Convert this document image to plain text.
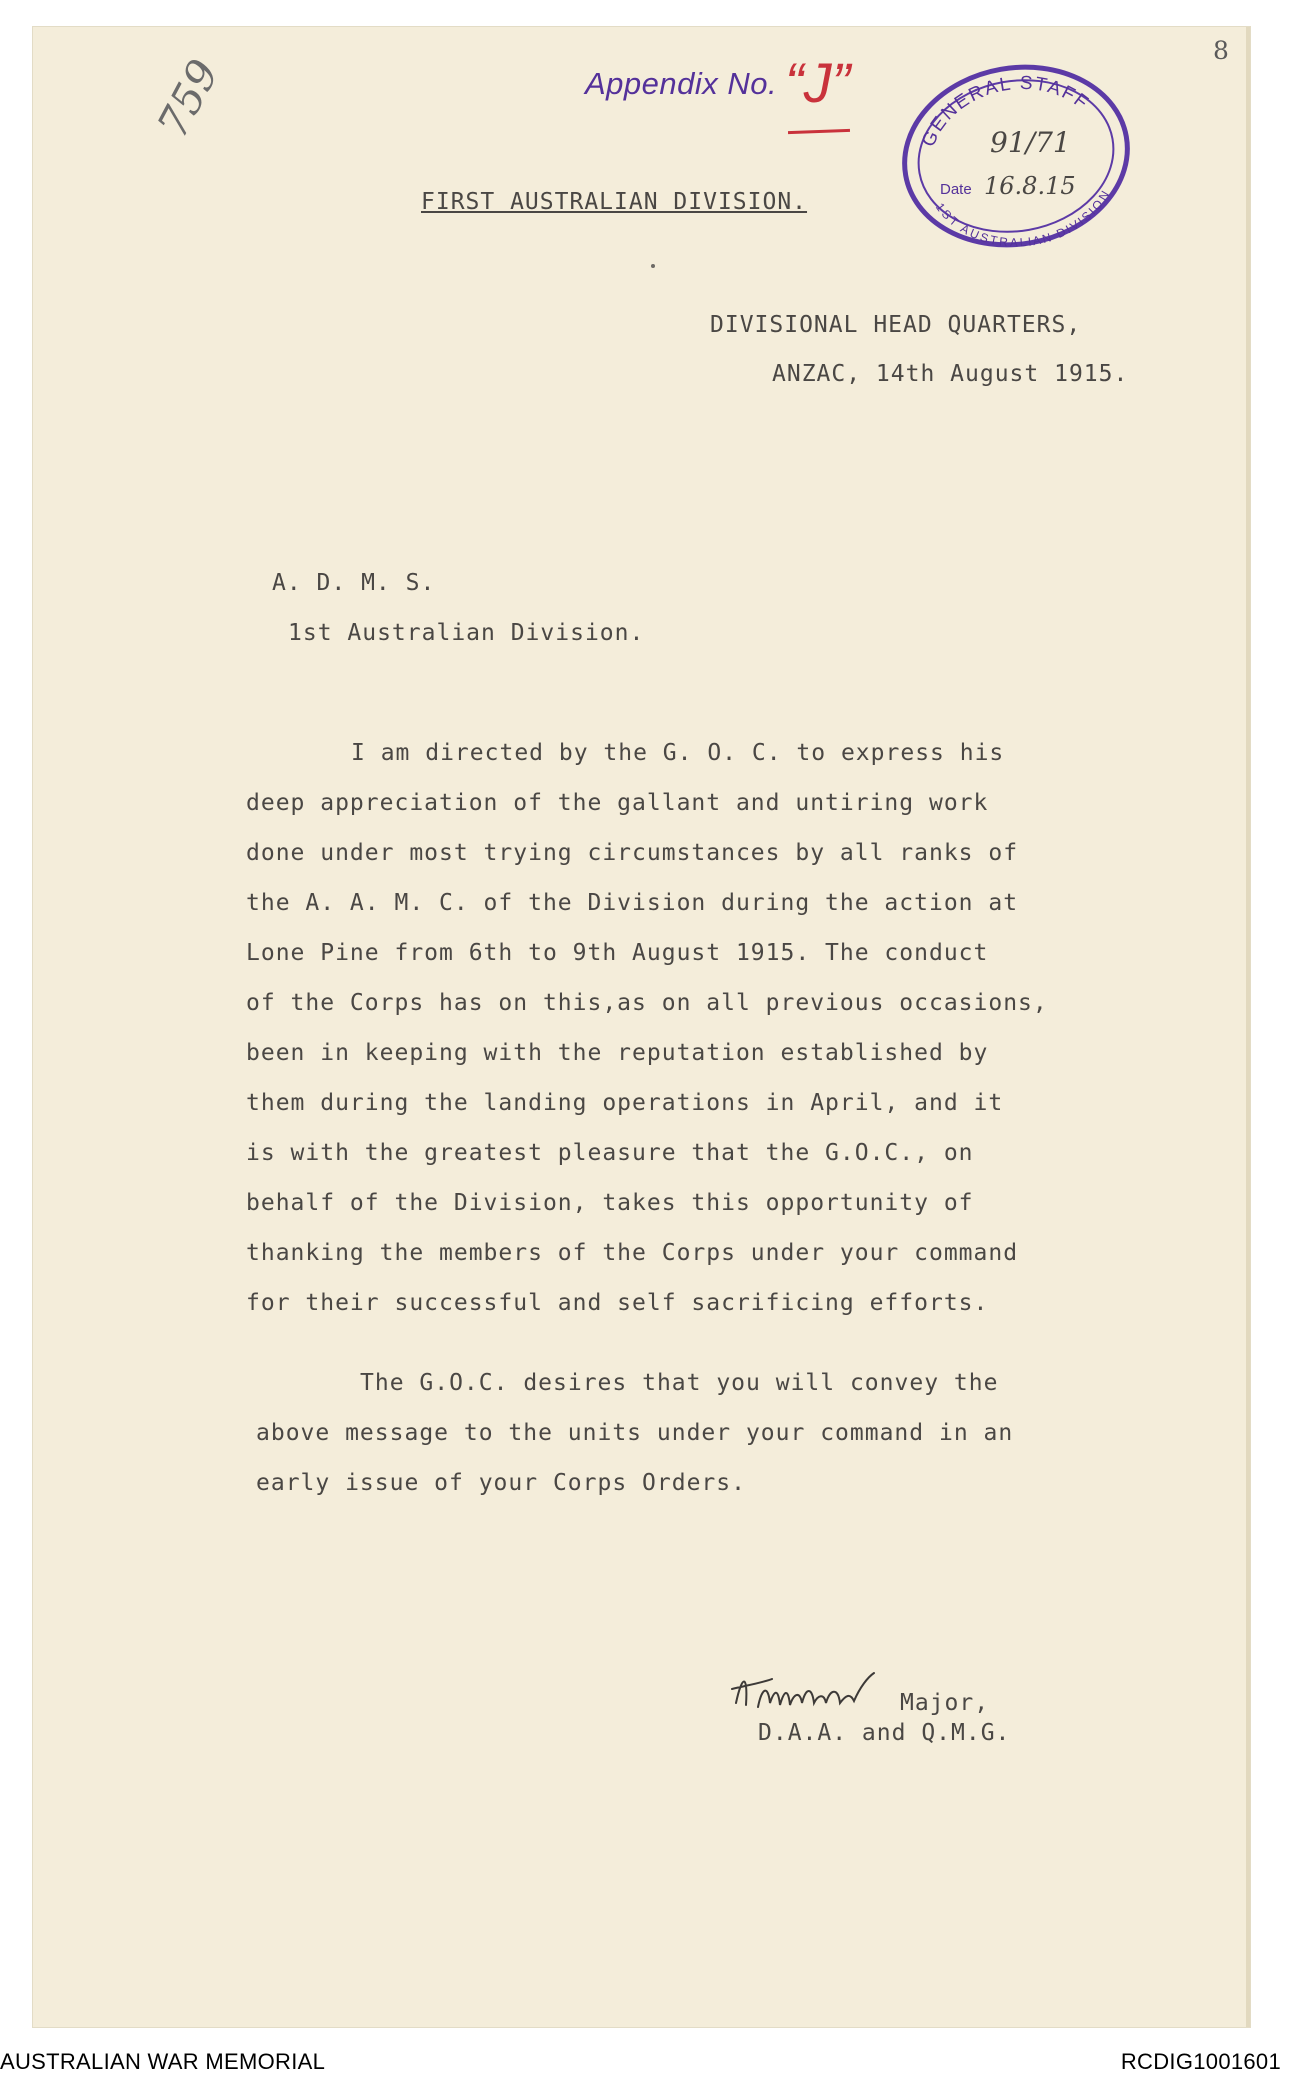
759	Appendix No. “J”
8
GENERAL STAFF
1ST AUSTRALIAN DIVISION
91/71
Date 16.8.15
FIRST AUSTRALIAN DIVISION.
DIVISIONAL HEAD QUARTERS,
ANZAC, 14th August 1915.
A. D. M. S.
1st Australian Division.
I am directed by the G. O. C. to express his
deep appreciation of the gallant and untiring work
done under most trying circumstances by all ranks of
the A. A. M. C. of the Division during the action at
Lone Pine from 6th to 9th August 1915. The conduct
of the Corps has on this,as on all previous occasions,
been in keeping with the reputation established by
them during the landing operations in April, and it
is with the greatest pleasure that the G.O.C., on
behalf of the Division, takes this opportunity of
thanking the members of the Corps under your command
for their successful and self sacrificing efforts.
The G.O.C. desires that you will convey the
above message to the units under your command in an
early issue of your Corps Orders.
Major,
D.A.A. and Q.M.G.
AUSTRALIAN WAR MEMORIAL	RCDIG1001601
